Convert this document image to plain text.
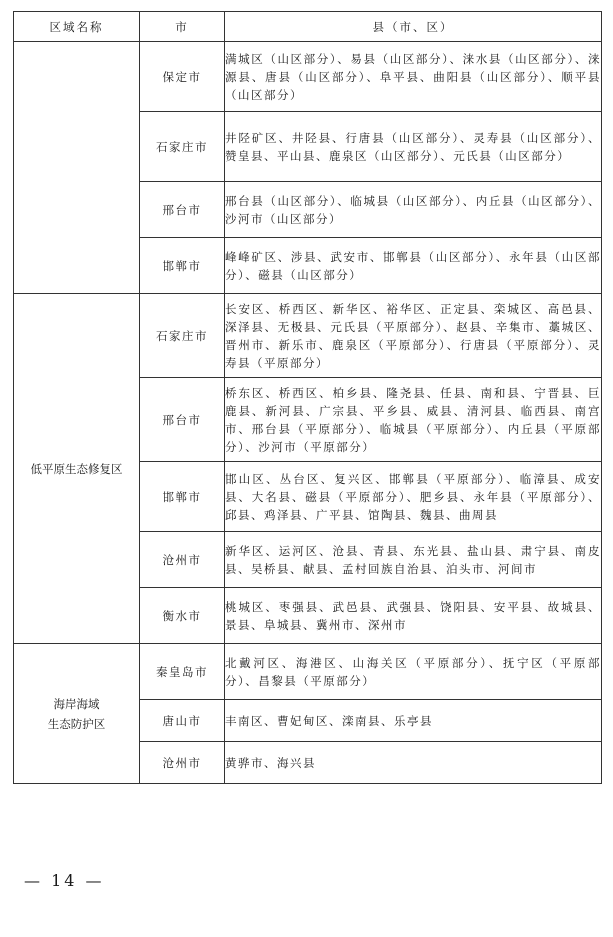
区域名称	市	县（市、区）
	保定市	满城区（山区部分）、易县（山区部分）、涞水县（山区部分）、涞源县、唐县（山区部分）、阜平县、曲阳县（山区部分）、顺平县（山区部分）
	石家庄市	井陉矿区、井陉县、行唐县（山区部分）、灵寿县（山区部分）、赞皇县、平山县、鹿泉区（山区部分）、元氏县（山区部分）
	邢台市	邢台县（山区部分）、临城县（山区部分）、内丘县（山区部分）、沙河市（山区部分）
	邯郸市	峰峰矿区、涉县、武安市、邯郸县（山区部分）、永年县（山区部分）、磁县（山区部分）
低平原生态修复区	石家庄市	长安区、桥西区、新华区、裕华区、正定县、栾城区、高邑县、深泽县、无极县、元氏县（平原部分）、赵县、辛集市、藁城区、晋州市、新乐市、鹿泉区（平原部分）、行唐县（平原部分）、灵寿县（平原部分）
	邢台市	桥东区、桥西区、柏乡县、隆尧县、任县、南和县、宁晋县、巨鹿县、新河县、广宗县、平乡县、威县、清河县、临西县、南宫市、邢台县（平原部分）、临城县（平原部分）、内丘县（平原部分）、沙河市（平原部分）
	邯郸市	邯山区、丛台区、复兴区、邯郸县（平原部分）、临漳县、成安县、大名县、磁县（平原部分）、肥乡县、永年县（平原部分）、邱县、鸡泽县、广平县、馆陶县、魏县、曲周县
	沧州市	新华区、运河区、沧县、青县、东光县、盐山县、肃宁县、南皮县、吴桥县、献县、孟村回族自治县、泊头市、河间市
	衡水市	桃城区、枣强县、武邑县、武强县、饶阳县、安平县、故城县、景县、阜城县、冀州市、深州市

海岸海域
生态防护区	秦皇岛市	北戴河区、海港区、山海关区（平原部分）、抚宁区（平原部分）、昌黎县（平原部分）
	唐山市	丰南区、曹妃甸区、滦南县、乐亭县
	沧州市	黄骅市、海兴县
— 14 —
